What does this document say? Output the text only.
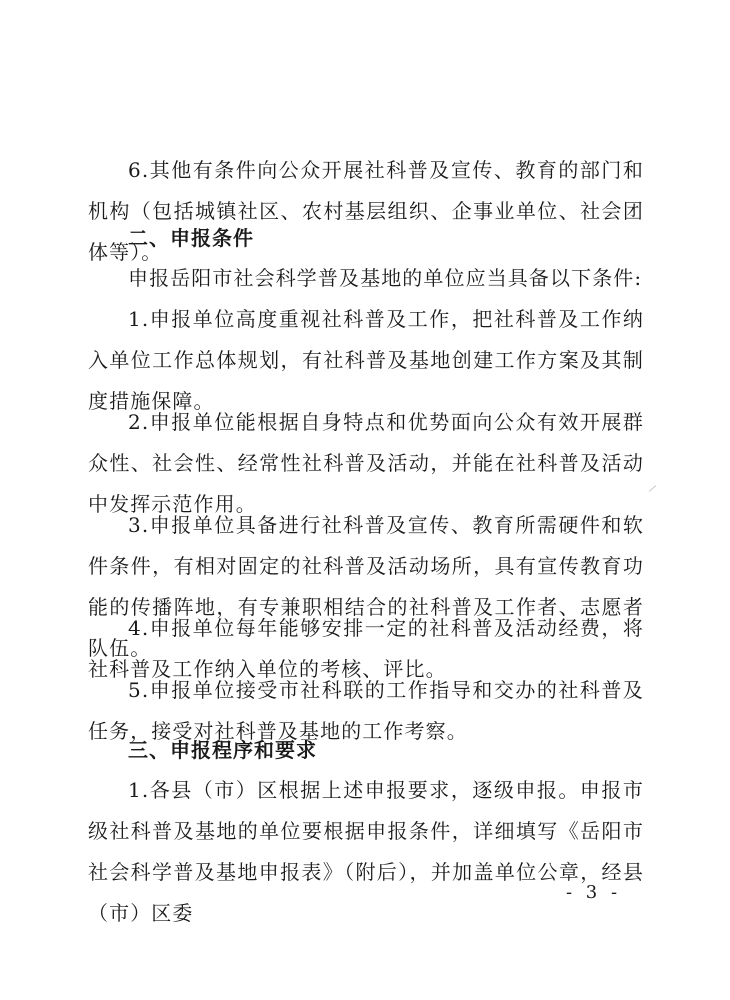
6.其他有条件向公众开展社科普及宣传、教育的部门和机构（包括城镇社区、农村基层组织、企事业单位、社会团体等）。

二、申报条件

申报岳阳市社会科学普及基地的单位应当具备以下条件:

1.申报单位高度重视社科普及工作，把社科普及工作纳入单位工作总体规划，有社科普及基地创建工作方案及其制度措施保障。

2.申报单位能根据自身特点和优势面向公众有效开展群众性、社会性、经常性社科普及活动，并能在社科普及活动中发挥示范作用。

3.申报单位具备进行社科普及宣传、教育所需硬件和软件条件，有相对固定的社科普及活动场所，具有宣传教育功能的传播阵地，有专兼职相结合的社科普及工作者、志愿者队伍。

4.申报单位每年能够安排一定的社科普及活动经费，将社科普及工作纳入单位的考核、评比。

5.申报单位接受市社科联的工作指导和交办的社科普及任务，接受对社科普及基地的工作考察。

三、申报程序和要求

1.各县（市）区根据上述申报要求，逐级申报。申报市级社科普及基地的单位要根据申报条件，详细填写《岳阳市社会科学普及基地申报表》（附后），并加盖单位公章，经县（市）区委

- 3 -
